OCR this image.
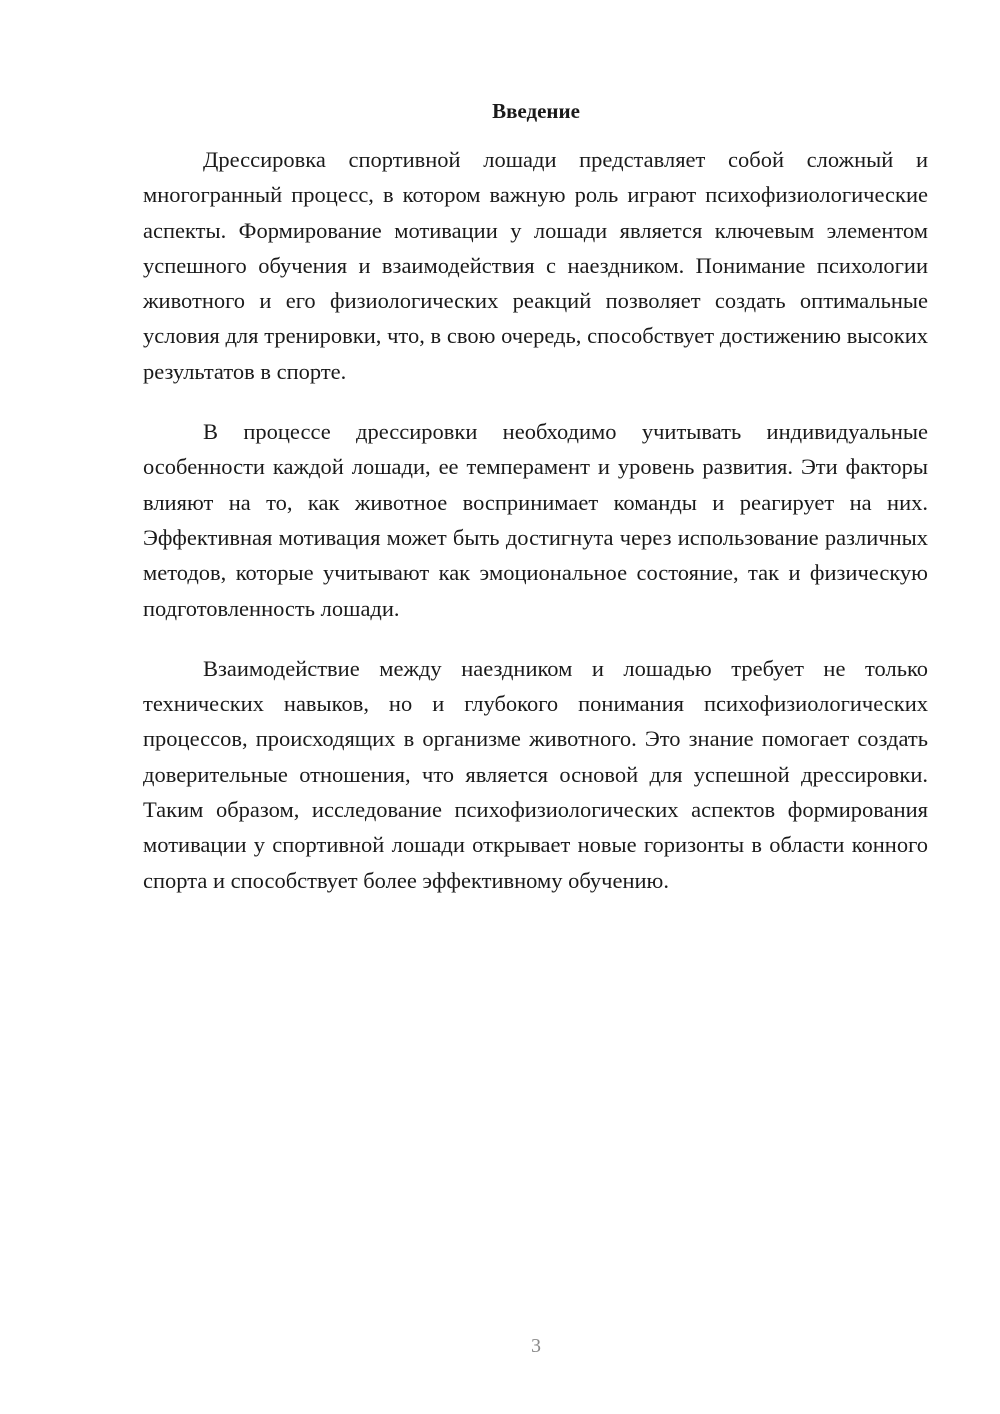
Введение

Дрессировка спортивной лошади представляет собой сложный и многогранный процесс, в котором важную роль играют психофизиологические аспекты. Формирование мотивации у лошади является ключевым элементом успешного обучения и взаимодействия с наездником. Понимание психологии животного и его физиологических реакций позволяет создать оптимальные условия для тренировки, что, в свою очередь, способствует достижению высоких результатов в спорте.

В процессе дрессировки необходимо учитывать индивидуальные особенности каждой лошади, ее темперамент и уровень развития. Эти факторы влияют на то, как животное воспринимает команды и реагирует на них. Эффективная мотивация может быть достигнута через использование различных методов, которые учитывают как эмоциональное состояние, так и физическую подготовленность лошади.

Взаимодействие между наездником и лошадью требует не только технических навыков, но и глубокого понимания психофизиологических процессов, происходящих в организме животного. Это знание помогает создать доверительные отношения, что является основой для успешной дрессировки. Таким образом, исследование психофизиологических аспектов формирования мотивации у спортивной лошади открывает новые горизонты в области конного спорта и способствует более эффективному обучению.

3
